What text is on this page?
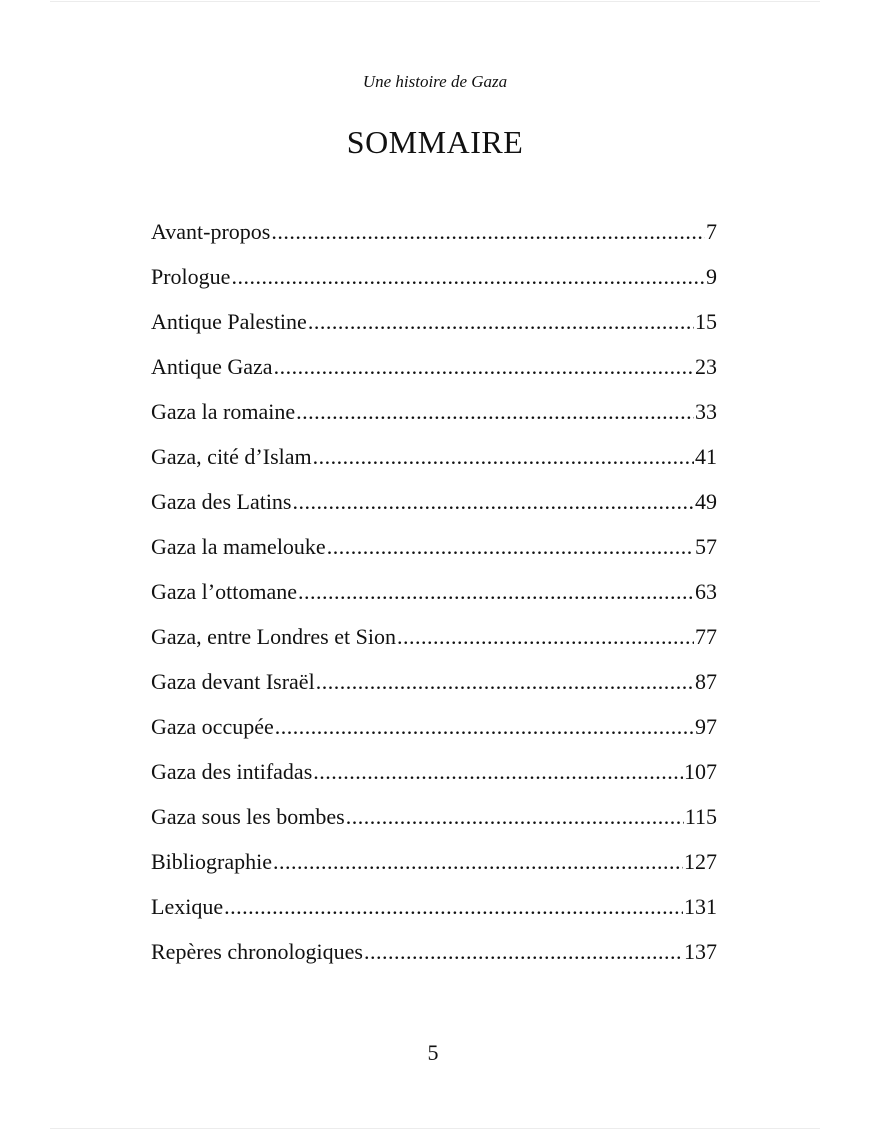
Une histoire de Gaza
SOMMAIRE
Avant-propos .....	7
Prologue .....	9
Antique Palestine .....	15
Antique Gaza .....	23
Gaza la romaine .....	33
Gaza, cité d’Islam .....	41
Gaza des Latins .....	49
Gaza la mamelouke .....	57
Gaza l’ottomane .....	63
Gaza, entre Londres et Sion .....	77
Gaza devant Israël .....	87
Gaza occupée .....	97
Gaza des intifadas .....	107
Gaza sous les bombes .....	115
Bibliographie .....	127
Lexique .....	131
Repères chronologiques .....	137
5
